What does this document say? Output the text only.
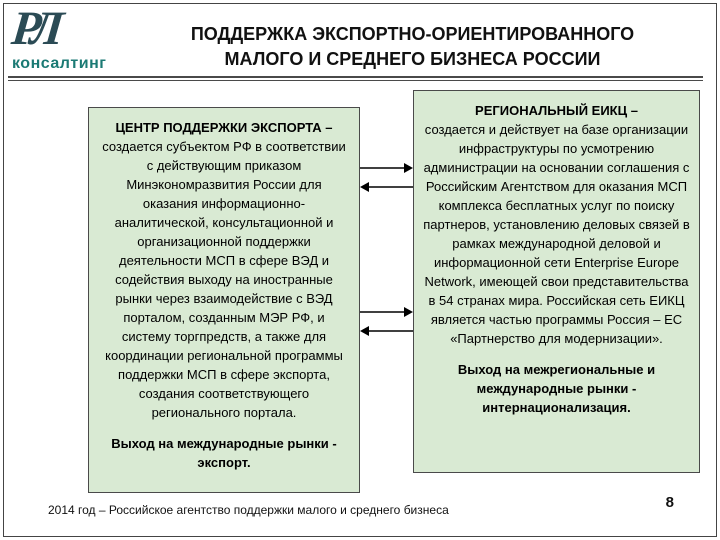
РЛ
консалтинг
ПОДДЕРЖКА ЭКСПОРТНО-ОРИЕНТИРОВАННОГО
МАЛОГО И СРЕДНЕГО БИЗНЕСА РОССИИ

ЦЕНТР ПОДДЕРЖКИ ЭКСПОРТА –
создается субъектом РФ в соответствии с действующим приказом Минэкономразвития России для оказания информационно-аналитической, консультационной и организационной поддержки деятельности МСП в сфере ВЭД и содействия выходу на иностранные рынки через взаимодействие с ВЭД порталом, созданным МЭР РФ, и систему торгпредств, а также для координации региональной программы поддержки МСП в сфере экспорта, создания соответствующего регионального портала.

Выход на международные рынки - экспорт.

РЕГИОНАЛЬНЫЙ ЕИКЦ –
создается и действует на базе организации инфраструктуры по усмотрению администрации на основании соглашения с Российским Агентством для оказания МСП комплекса бесплатных услуг по поиску партнеров, установлению деловых связей в рамках международной деловой и информационной сети Enterprise Europe Network, имеющей свои представительства в 54 странах мира. Российская сеть ЕИКЦ является частью программы Россия – ЕС «Партнерство для модернизации».

Выход на межрегиональные и международные рынки - интернационализация.

2014 год – Российское агентство поддержки малого и среднего бизнеса	8
